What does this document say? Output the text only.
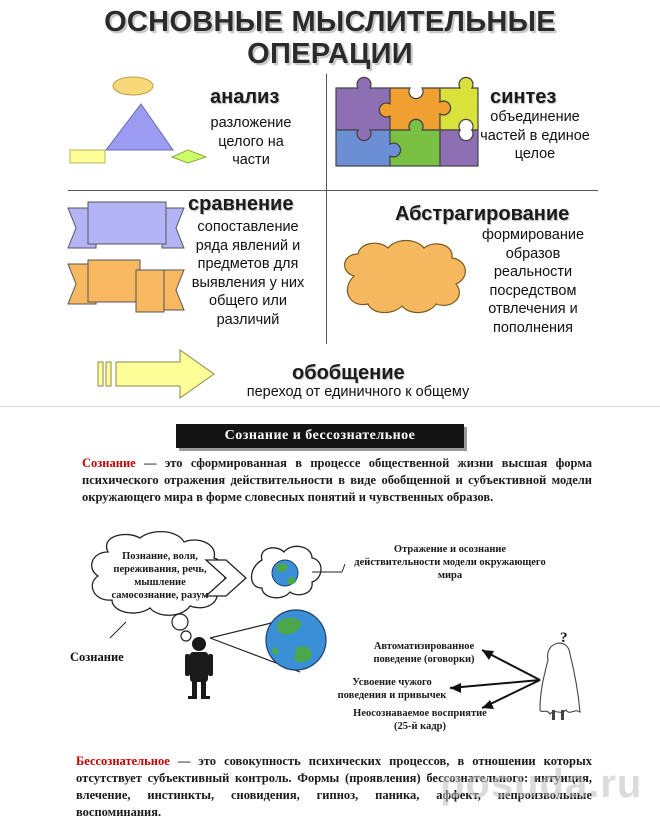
ОСНОВНЫЕ МЫСЛИТЕЛЬНЫЕ
ОПЕРАЦИИ
анализ
разложение
целого на
части
синтез
объединение
частей в единое
целое
сравнение
сопоставление
ряда явлений и
предметов для
выявления у них
общего или
различий
Абстрагирование
формирование
образов
реальности
посредством
отвлечения и
пополнения
обобщение
переход от единичного к общему
Сознание и бессознательное
Сознание — это сформированная в процессе общественной жизни высшая форма психического отражения действительности в виде обобщенной и субъективной модели окружающего мира в форме словесных понятий и чувственных образов.
Познание, воля,
переживания, речь,
мышление
самосознание, разум
Отражение и осознание
действительности модели окружающего
мира
Сознание
?
Автоматизированное
поведение (оговорки)
Усвоение чужого
поведения и привычек
Неосознаваемое восприятие
(25-й кадр)
Бессознательное — это совокупность психических процессов, в отношении которых отсутствует субъективный контроль. Формы (проявления) бессознательного: интуиция, влечение, инстинкты, сновидения, гипноз, паника, аффект, непроизвольные воспоминания.
posuda.ru
